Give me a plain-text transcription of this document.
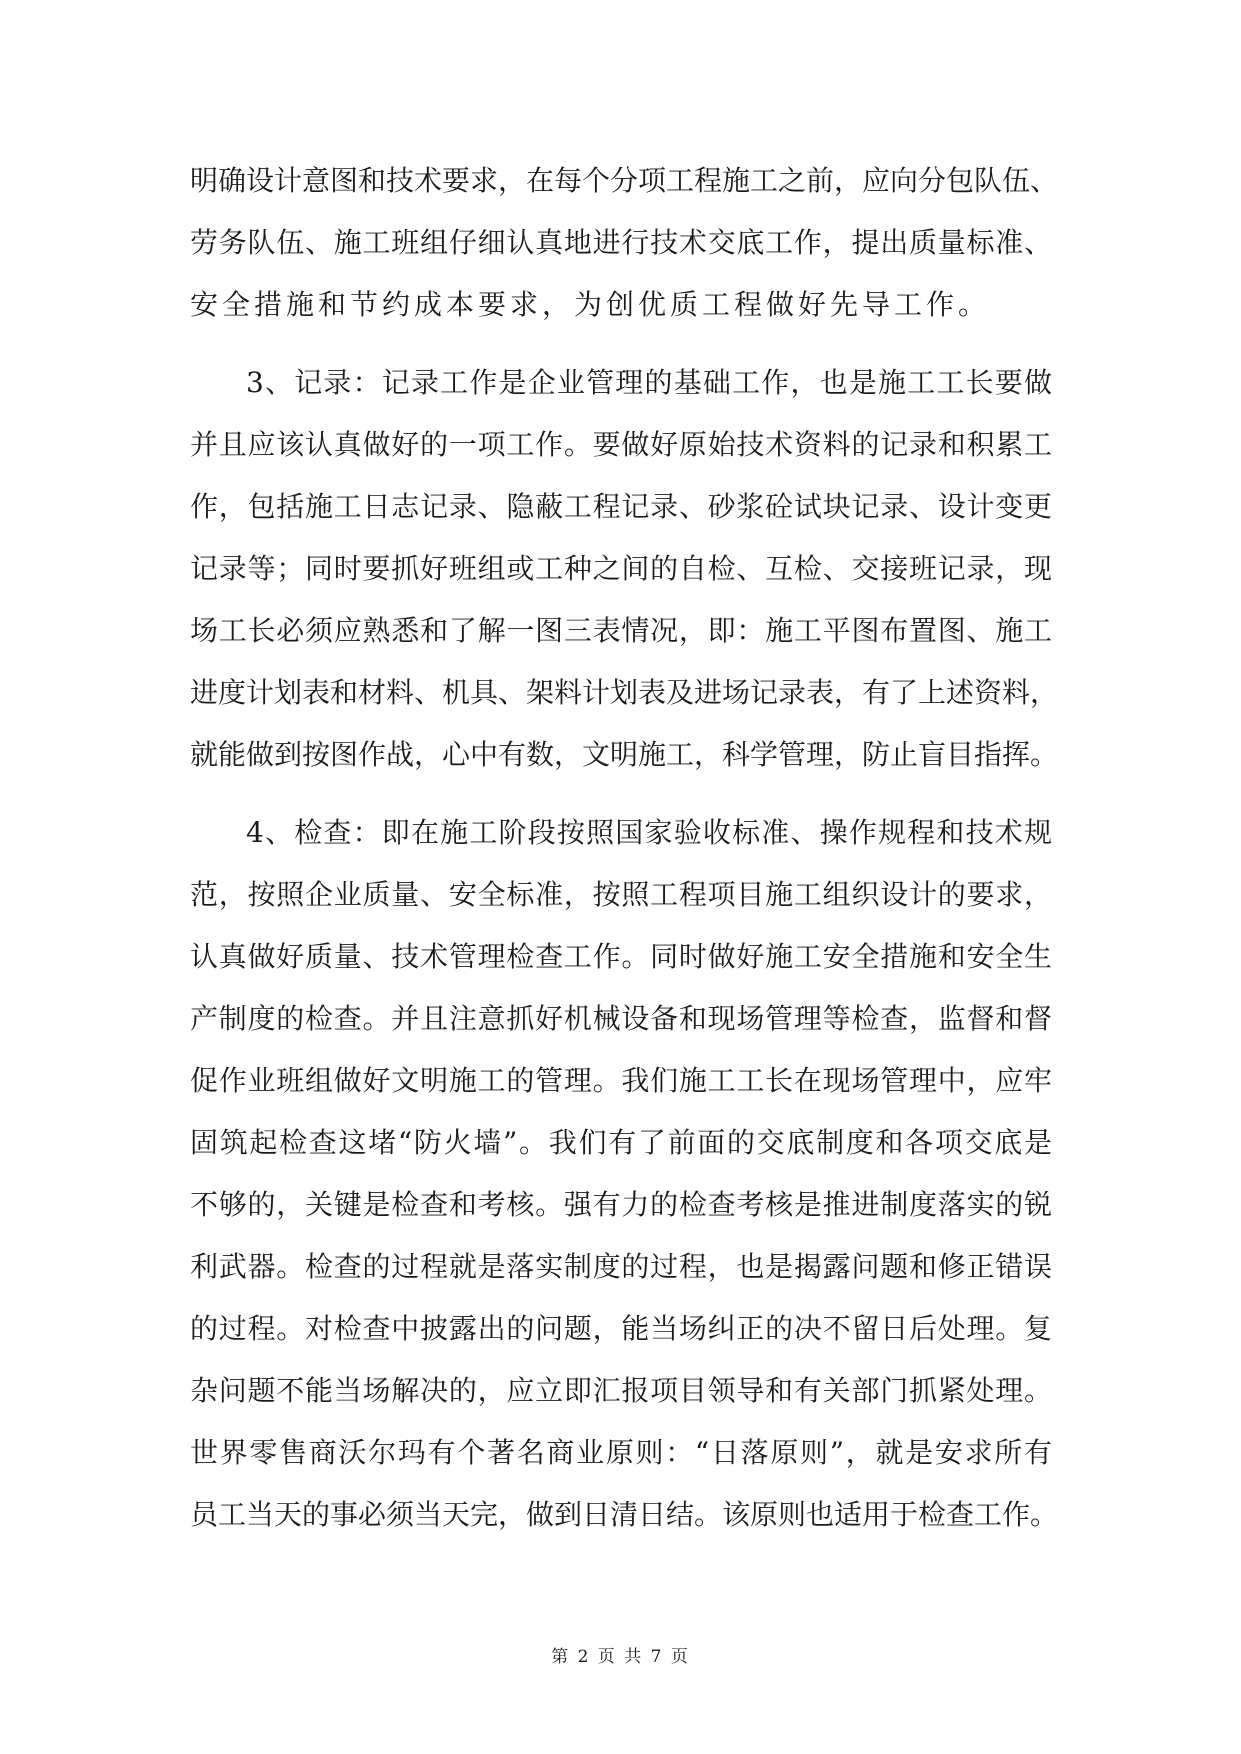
明确设计意图和技术要求，在每个分项工程施工之前，应向分包队伍、
劳务队伍、施工班组仔细认真地进行技术交底工作，提出质量标准、
安全措施和节约成本要求，为创优质工程做好先导工作。
3、记录：记录工作是企业管理的基础工作，也是施工工长要做
并且应该认真做好的一项工作。要做好原始技术资料的记录和积累工
作，包括施工日志记录、隐蔽工程记录、砂浆砼试块记录、设计变更
记录等；同时要抓好班组或工种之间的自检、互检、交接班记录，现
场工长必须应熟悉和了解一图三表情况，即：施工平图布置图、施工
进度计划表和材料、机具、架料计划表及进场记录表，有了上述资料，
就能做到按图作战，心中有数，文明施工，科学管理，防止盲目指挥。
4、检查：即在施工阶段按照国家验收标准、操作规程和技术规
范，按照企业质量、安全标准，按照工程项目施工组织设计的要求，
认真做好质量、技术管理检查工作。同时做好施工安全措施和安全生
产制度的检查。并且注意抓好机械设备和现场管理等检查，监督和督
促作业班组做好文明施工的管理。我们施工工长在现场管理中，应牢
固筑起检查这堵“防火墙”。我们有了前面的交底制度和各项交底是
不够的，关键是检查和考核。强有力的检查考核是推进制度落实的锐
利武器。检查的过程就是落实制度的过程，也是揭露问题和修正错误
的过程。对检查中披露出的问题，能当场纠正的决不留日后处理。复
杂问题不能当场解决的，应立即汇报项目领导和有关部门抓紧处理。
世界零售商沃尔玛有个著名商业原则：“日落原则”，就是安求所有
员工当天的事必须当天完，做到日清日结。该原则也适用于检查工作。
第 2 页 共 7 页
